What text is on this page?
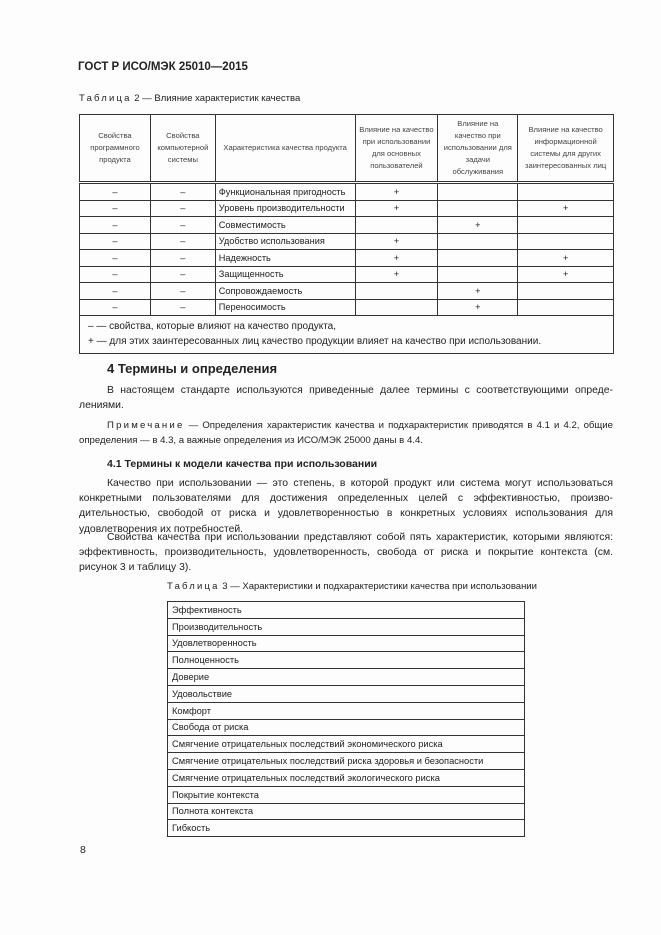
ГОСТ Р ИСО/МЭК 25010—2015
Таблица 2 — Влияние характеристик качества
Свойства программного продукта	Свойства компьютерной системы	Характеристика качества продукта	Влияние на качество при использовании для основных пользователей	Влияние на качество при использовании для задачи обслуживания	Влияние на качество информационной системы для других заинтересованных лиц
–	–	Функциональная пригодность	+		
–	–	Уровень производительности	+		+
–	–	Совместимость		+	
–	–	Удобство использования	+		
–	–	Надежность	+		+
–	–	Защищенность	+		+
–	–	Сопровождаемость		+	
–	–	Переносимость		+	

– — свойства, которые влияют на качество продукта,
+ — для этих заинтересованных лиц качество продукции влияет на качество при использовании.					
4 Термины и определения
В настоящем стандарте используются приведенные далее термины с соответствующими определениями.
Примечание — Определения характеристик качества и подхарактеристик приводятся в 4.1 и 4.2, общие определения — в 4.3, а важные определения из ИСО/МЭК 25000 даны в 4.4.
4.1 Термины к модели качества при использовании
Качество при использовании — это степень, в которой продукт или система могут использоваться конкретными пользователями для достижения определенных целей с эффективностью, производительностью, свободой от риска и удовлетворенностью в конкретных условиях использования для удовлетворения их потребностей.
Свойства качества при использовании представляют собой пять характеристик, которыми являются: эффективность, производительность, удовлетворенность, свобода от риска и покрытие контекста (см. рисунок 3 и таблицу 3).
Таблица 3 — Характеристики и подхарактеристики качества при использовании
Эффективность
Производительность
Удовлетворенность
Полноценность
Доверие
Удовольствие
Комфорт
Свобода от риска
Смягчение отрицательных последствий экономического риска
Смягчение отрицательных последствий риска здоровья и безопасности
Смягчение отрицательных последствий экологического риска
Покрытие контекста
Полнота контекста
Гибкость
8
